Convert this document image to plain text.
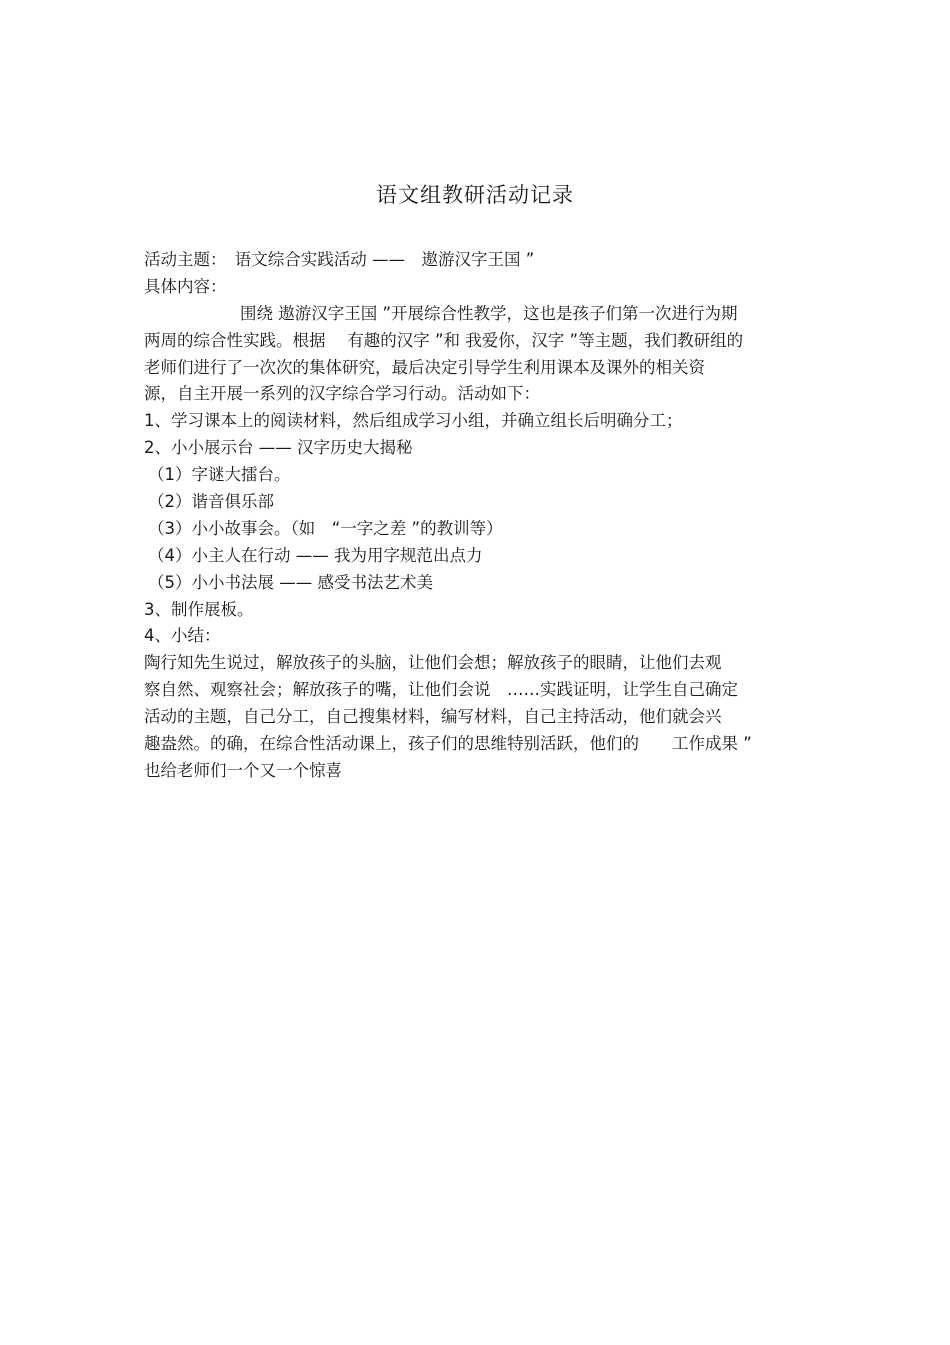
语文组教研活动记录
活动主题：　语文综合实践活动 ——　遨游汉字王国 ”
具体内容：
围绕 遨游汉字王国 ”开展综合性教学，这也是孩子们第一次进行为期
两周的综合性实践。根据　 有趣的汉字 ”和 我爱你，汉字 ”等主题，我们教研组的
老师们进行了一次次的集体研究，最后决定引导学生利用课本及课外的相关资
源，自主开展一系列的汉字综合学习行动。活动如下：
1、学习课本上的阅读材料，然后组成学习小组，并确立组长后明确分工；
2、小小展示台 —— 汉字历史大揭秘
（1）字谜大擂台。
（2）谐音俱乐部
（3）小小故事会。（如　“一字之差 ”的教训等）
（4）小主人在行动 —— 我为用字规范出点力
（5）小小书法展 —— 感受书法艺术美
3、制作展板。
4、小结：
陶行知先生说过，解放孩子的头脑，让他们会想；解放孩子的眼睛，让他们去观
察自然、观察社会；解放孩子的嘴，让他们会说　……实践证明，让学生自己确定
活动的主题，自己分工，自己搜集材料，编写材料，自己主持活动，他们就会兴
趣盎然。的确，在综合性活动课上，孩子们的思维特别活跃，他们的　　工作成果 ”
也给老师们一个又一个惊喜
